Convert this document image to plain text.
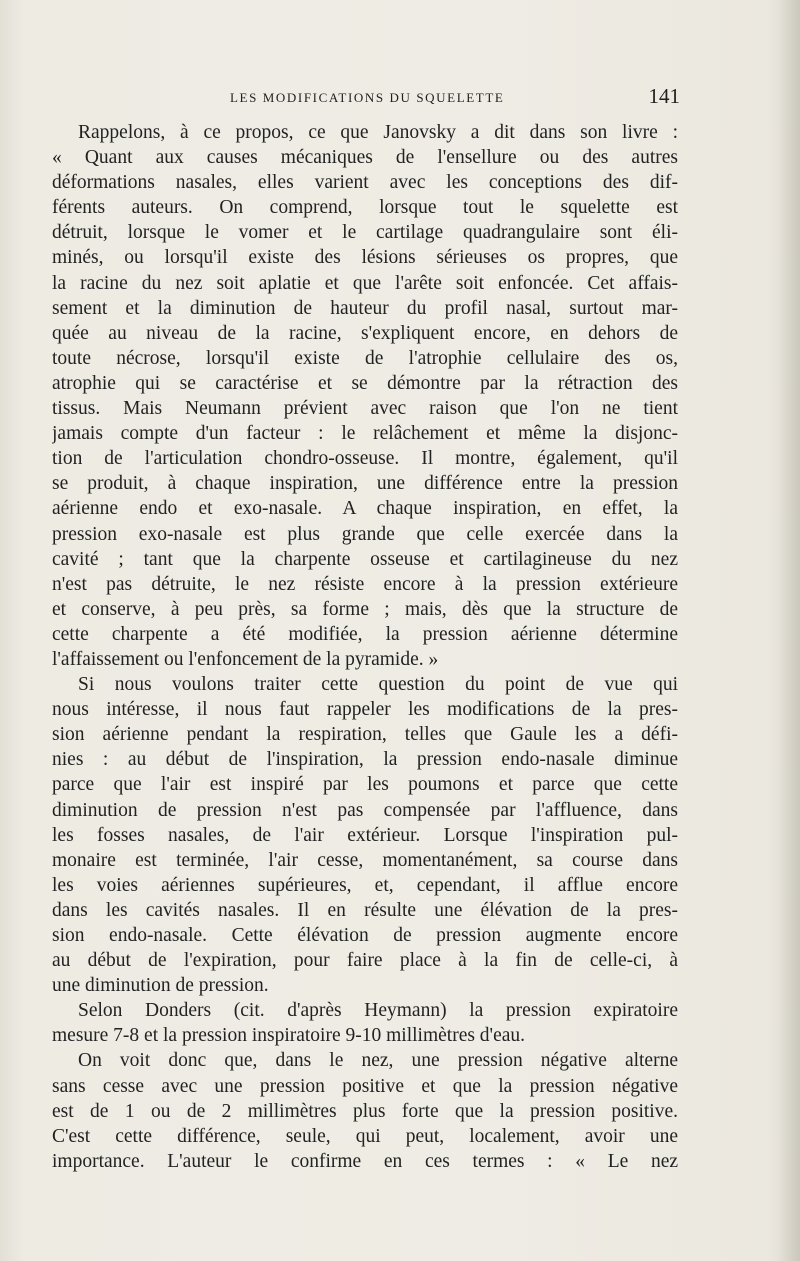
LES MODIFICATIONS DU SQUELETTE	141
Rappelons, à ce propos, ce que Janovsky a dit dans son livre :
« Quant aux causes mécaniques de l'ensellure ou des autres
déformations nasales, elles varient avec les conceptions des dif-
férents auteurs. On comprend, lorsque tout le squelette est
détruit, lorsque le vomer et le cartilage quadrangulaire sont éli-
minés, ou lorsqu'il existe des lésions sérieuses os propres, que
la racine du nez soit aplatie et que l'arête soit enfoncée. Cet affais-
sement et la diminution de hauteur du profil nasal, surtout mar-
quée au niveau de la racine, s'expliquent encore, en dehors de
toute nécrose, lorsqu'il existe de l'atrophie cellulaire des os,
atrophie qui se caractérise et se démontre par la rétraction des
tissus. Mais Neumann prévient avec raison que l'on ne tient
jamais compte d'un facteur : le relâchement et même la disjonc-
tion de l'articulation chondro-osseuse. Il montre, également, qu'il
se produit, à chaque inspiration, une différence entre la pression
aérienne endo et exo-nasale. A chaque inspiration, en effet, la
pression exo-nasale est plus grande que celle exercée dans la
cavité ; tant que la charpente osseuse et cartilagineuse du nez
n'est pas détruite, le nez résiste encore à la pression extérieure
et conserve, à peu près, sa forme ; mais, dès que la structure de
cette charpente a été modifiée, la pression aérienne détermine
l'affaissement ou l'enfoncement de la pyramide. »
Si nous voulons traiter cette question du point de vue qui
nous intéresse, il nous faut rappeler les modifications de la pres-
sion aérienne pendant la respiration, telles que Gaule les a défi-
nies : au début de l'inspiration, la pression endo-nasale diminue
parce que l'air est inspiré par les poumons et parce que cette
diminution de pression n'est pas compensée par l'affluence, dans
les fosses nasales, de l'air extérieur. Lorsque l'inspiration pul-
monaire est terminée, l'air cesse, momentanément, sa course dans
les voies aériennes supérieures, et, cependant, il afflue encore
dans les cavités nasales. Il en résulte une élévation de la pres-
sion endo-nasale. Cette élévation de pression augmente encore
au début de l'expiration, pour faire place à la fin de celle-ci, à
une diminution de pression.
Selon Donders (cit. d'après Heymann) la pression expiratoire
mesure 7-8 et la pression inspiratoire 9-10 millimètres d'eau.
On voit donc que, dans le nez, une pression négative alterne
sans cesse avec une pression positive et que la pression négative
est de 1 ou de 2 millimètres plus forte que la pression positive.
C'est cette différence, seule, qui peut, localement, avoir une
importance. L'auteur le confirme en ces termes : « Le nez
